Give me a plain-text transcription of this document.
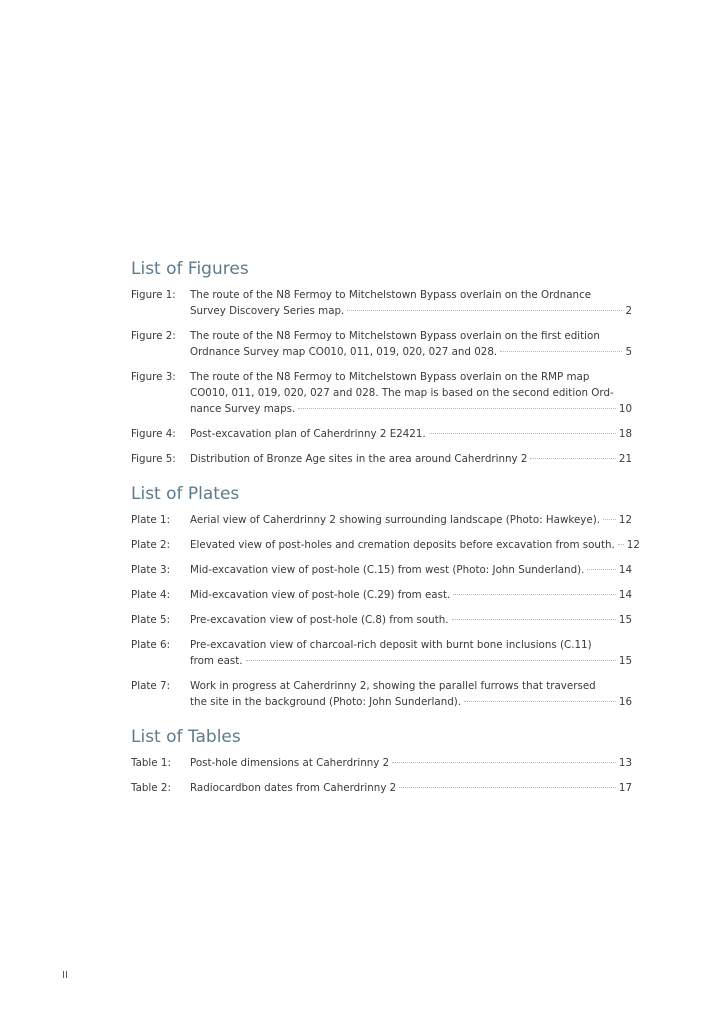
List of Figures
Figure 1:	The route of the N8 Fermoy to Mitchelstown Bypass overlain on the Ordnance
Survey Discovery Series map.	2
Figure 2:	The route of the N8 Fermoy to Mitchelstown Bypass overlain on the first edition
Ordnance Survey map CO010, 011, 019, 020, 027 and 028.	5
Figure 3:	The route of the N8 Fermoy to Mitchelstown Bypass overlain on the RMP map
CO010, 011, 019, 020, 027 and 028. The map is based on the second edition Ord-
nance Survey maps.	10
Figure 4:	Post-excavation plan of Caherdrinny 2 E2421.	18
Figure 5:	Distribution of Bronze Age sites in the area around Caherdrinny 2	21
List of Plates
Plate 1:	Aerial view of Caherdrinny 2 showing surrounding landscape (Photo: Hawkeye). 12
Plate 2:	Elevated view of post-holes and cremation deposits before excavation from south. 12
Plate 3:	Mid-excavation view of post-hole (C.15) from west (Photo: John Sunderland).	14
Plate 4:	Mid-excavation view of post-hole (C.29) from east.	14
Plate 5:	Pre-excavation view of post-hole (C.8) from south.	15
Plate 6:	Pre-excavation view of charcoal-rich deposit with burnt bone inclusions (C.11)
from east.	15
Plate 7:	Work in progress at Caherdrinny 2, showing the parallel furrows that traversed
the site in the background (Photo: John Sunderland).	16
List of Tables
Table 1:	Post-hole dimensions at Caherdrinny 2	13
Table 2:	Radiocardbon dates from Caherdrinny 2	17
II
